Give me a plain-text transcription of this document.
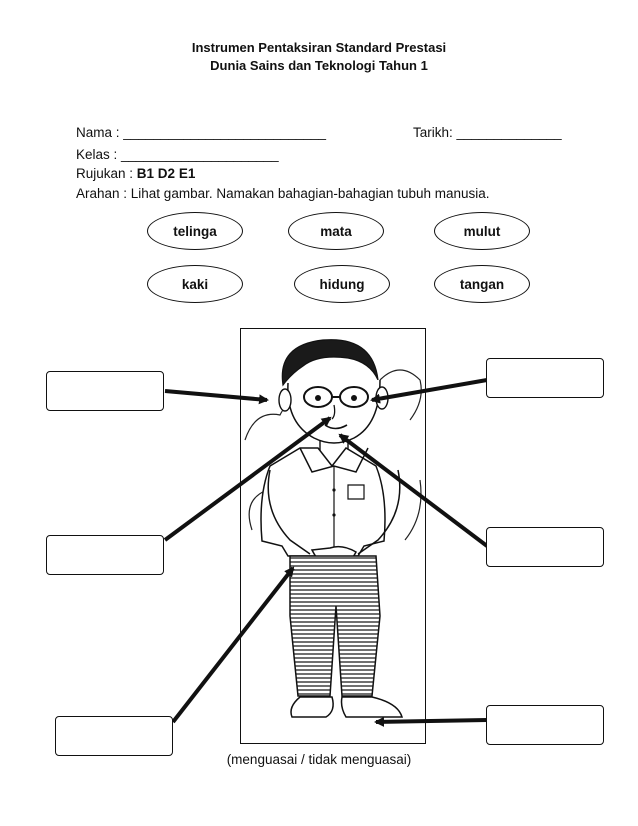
Instrumen Pentaksiran Standard Prestasi
Dunia Sains dan Teknologi Tahun 1
Nama : ___________________________	Tarikh: ______________
Kelas : _____________________
Rujukan : B1 D2 E1
Arahan : Lihat gambar. Namakan bahagian-bahagian tubuh manusia.
telinga	mata	mulut
kaki	hidung	tangan
(menguasai / tidak menguasai)
